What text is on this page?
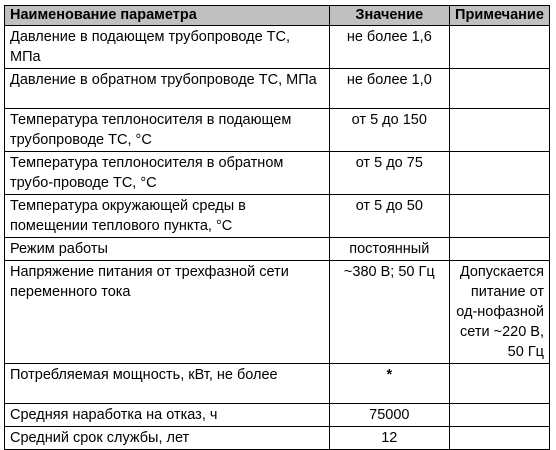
Наименование параметра	Значение	Примечание
Давление в подающем трубопроводе ТС, МПа	не более 1,6	
Давление в обратном трубопроводе ТС, МПа	не более 1,0	
Температура теплоносителя в подающем трубопроводе ТС, °С	от 5 до 150	
Температура теплоносителя в обратном трубо-проводе ТС, °С	от 5 до 75	
Температура окружающей среды в помещении теплового пункта, °С	от 5 до 50	
Режим работы	постоянный	
Напряжение питания от трехфазной сети переменного тока	~380 В; 50 Гц	Допускается питание от од-нофазной сети ~220 В, 50 Гц
Потребляемая мощность, кВт, не более	*	
Средняя наработка на отказ, ч	75000	
Средний срок службы, лет	12	
